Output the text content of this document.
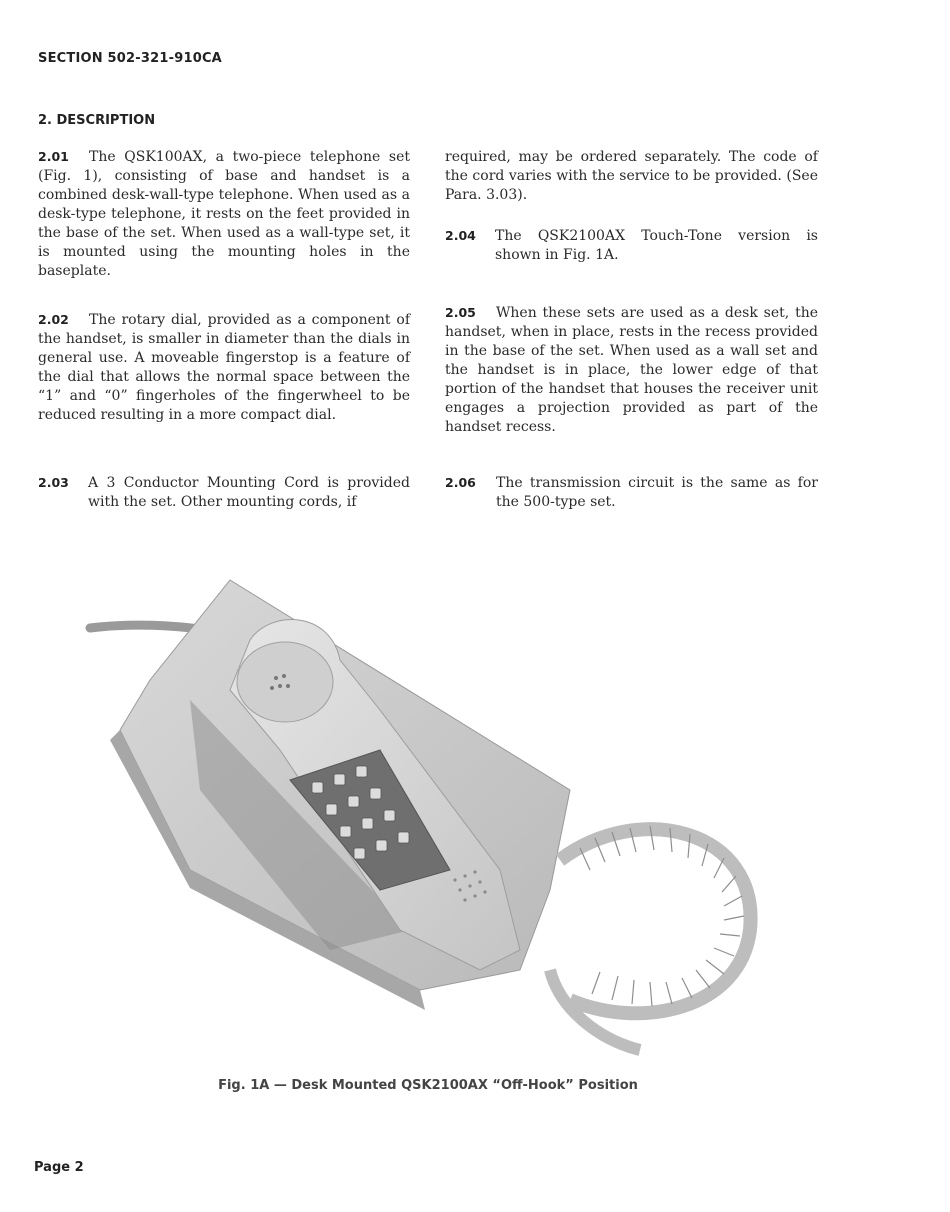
SECTION 502-321-910CA
2. DESCRIPTION
2.01	The QSK100AX, a two-piece telephone set (Fig. 1), consisting of base and handset is a combined desk-wall-type telephone. When used as a desk-type telephone, it rests on the feet provided in the base of the set. When used as a wall-type set, it is mounted using the mounting holes in the baseplate.

2.02	The rotary dial, provided as a component of the handset, is smaller in diameter than the dials in general use. A moveable fingerstop is a feature of the dial that allows the normal space between the “1” and “0” fingerholes of the fingerwheel to be reduced resulting in a more compact dial.

2.03	A 3 Conductor Mounting Cord is provided with the set. Other mounting cords, if

required, may be ordered separately. The code of the cord varies with the service to be provided. (See Para. 3.03).

2.04	The QSK2100AX Touch-Tone version is shown in Fig. 1A.

2.05	When these sets are used as a desk set, the handset, when in place, rests in the recess provided in the base of the set. When used as a wall set and the handset is in place, the lower edge of that portion of the handset that houses the receiver unit engages a projection provided as part of the handset recess.

2.06	The transmission circuit is the same as for the 500-type set.

Fig. 1A — Desk Mounted QSK2100AX “Off-Hook” Position
Page 2
